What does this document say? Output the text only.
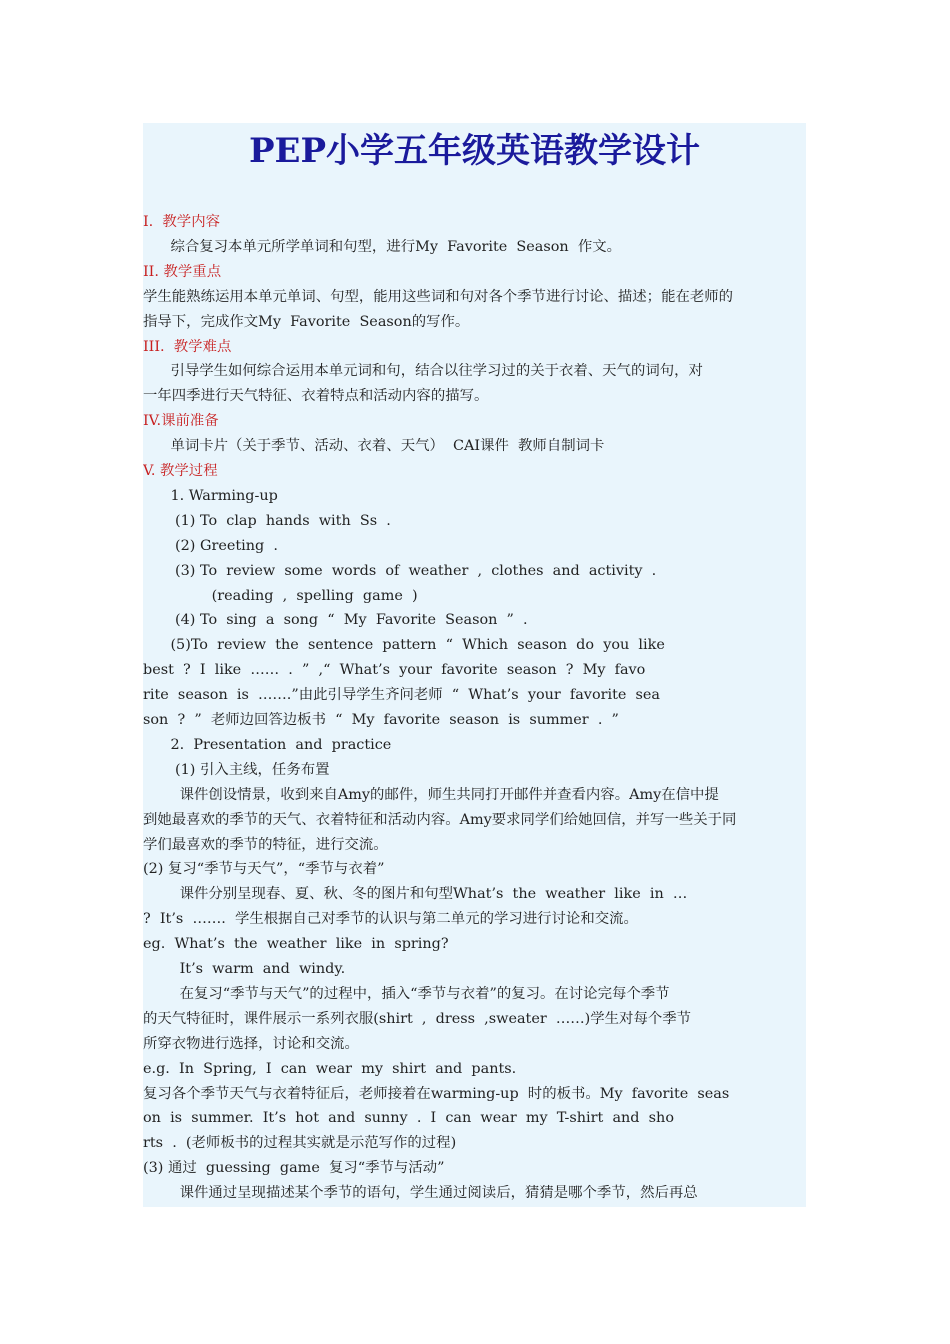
PEP小学五年级英语教学设计
I.  教学内容
综合复习本单元所学单词和句型，进行My  Favorite  Season  作文。
II. 教学重点
学生能熟练运用本单元单词、句型，能用这些词和句对各个季节进行讨论、描述；能在老师的
指导下，完成作文My  Favorite  Season的写作。
III.  教学难点
引导学生如何综合运用本单元词和句，结合以往学习过的关于衣着、天气的词句，对
一年四季进行天气特征、衣着特点和活动内容的描写。
IV.课前准备
单词卡片（关于季节、活动、衣着、天气）  CAI课件  教师自制词卡
V. 教学过程
1. Warming-up
(1) To  clap  hands  with  Ss  .
(2) Greeting  .
(3) To  review  some  words  of  weather  ,  clothes  and  activity  .
(reading  ,  spelling  game  )
(4) To  sing  a  song  “  My  Favorite  Season  ”  .
(5)To  review  the  sentence  pattern  “  Which  season  do  you  like
best  ?  I  like  ……  .  ”  ,“  What’s  your  favorite  season  ?  My  favo
rite  season  is  …….”由此引导学生齐问老师  “  What’s  your  favorite  sea
son  ?  ”  老师边回答边板书  “  My  favorite  season  is  summer  .  ”
2.  Presentation  and  practice
(1) 引入主线，任务布置
课件创设情景，收到来自Amy的邮件，师生共同打开邮件并查看内容。Amy在信中提
到她最喜欢的季节的天气、衣着特征和活动内容。Amy要求同学们给她回信，并写一些关于同
学们最喜欢的季节的特征，进行交流。
(2) 复习“季节与天气”，“季节与衣着”
课件分别呈现春、夏、秋、冬的图片和句型What’s  the  weather  like  in  …
?  It’s  …….  学生根据自己对季节的认识与第二单元的学习进行讨论和交流。
eg.  What’s  the  weather  like  in  spring?
It’s  warm  and  windy.
在复习“季节与天气”的过程中，插入“季节与衣着”的复习。在讨论完每个季节
的天气特征时，课件展示一系列衣服(shirt  ,  dress  ,sweater  ……)学生对每个季节
所穿衣物进行选择，讨论和交流。
e.g.  In  Spring,  I  can  wear  my  shirt  and  pants.
复习各个季节天气与衣着特征后，老师接着在warming-up  时的板书。My  favorite  seas
on  is  summer.  It’s  hot  and  sunny  .  I  can  wear  my  T-shirt  and  sho
rts  .  (老师板书的过程其实就是示范写作的过程)
(3) 通过  guessing  game  复习“季节与活动”
课件通过呈现描述某个季节的语句，学生通过阅读后，猜猜是哪个季节，然后再总
